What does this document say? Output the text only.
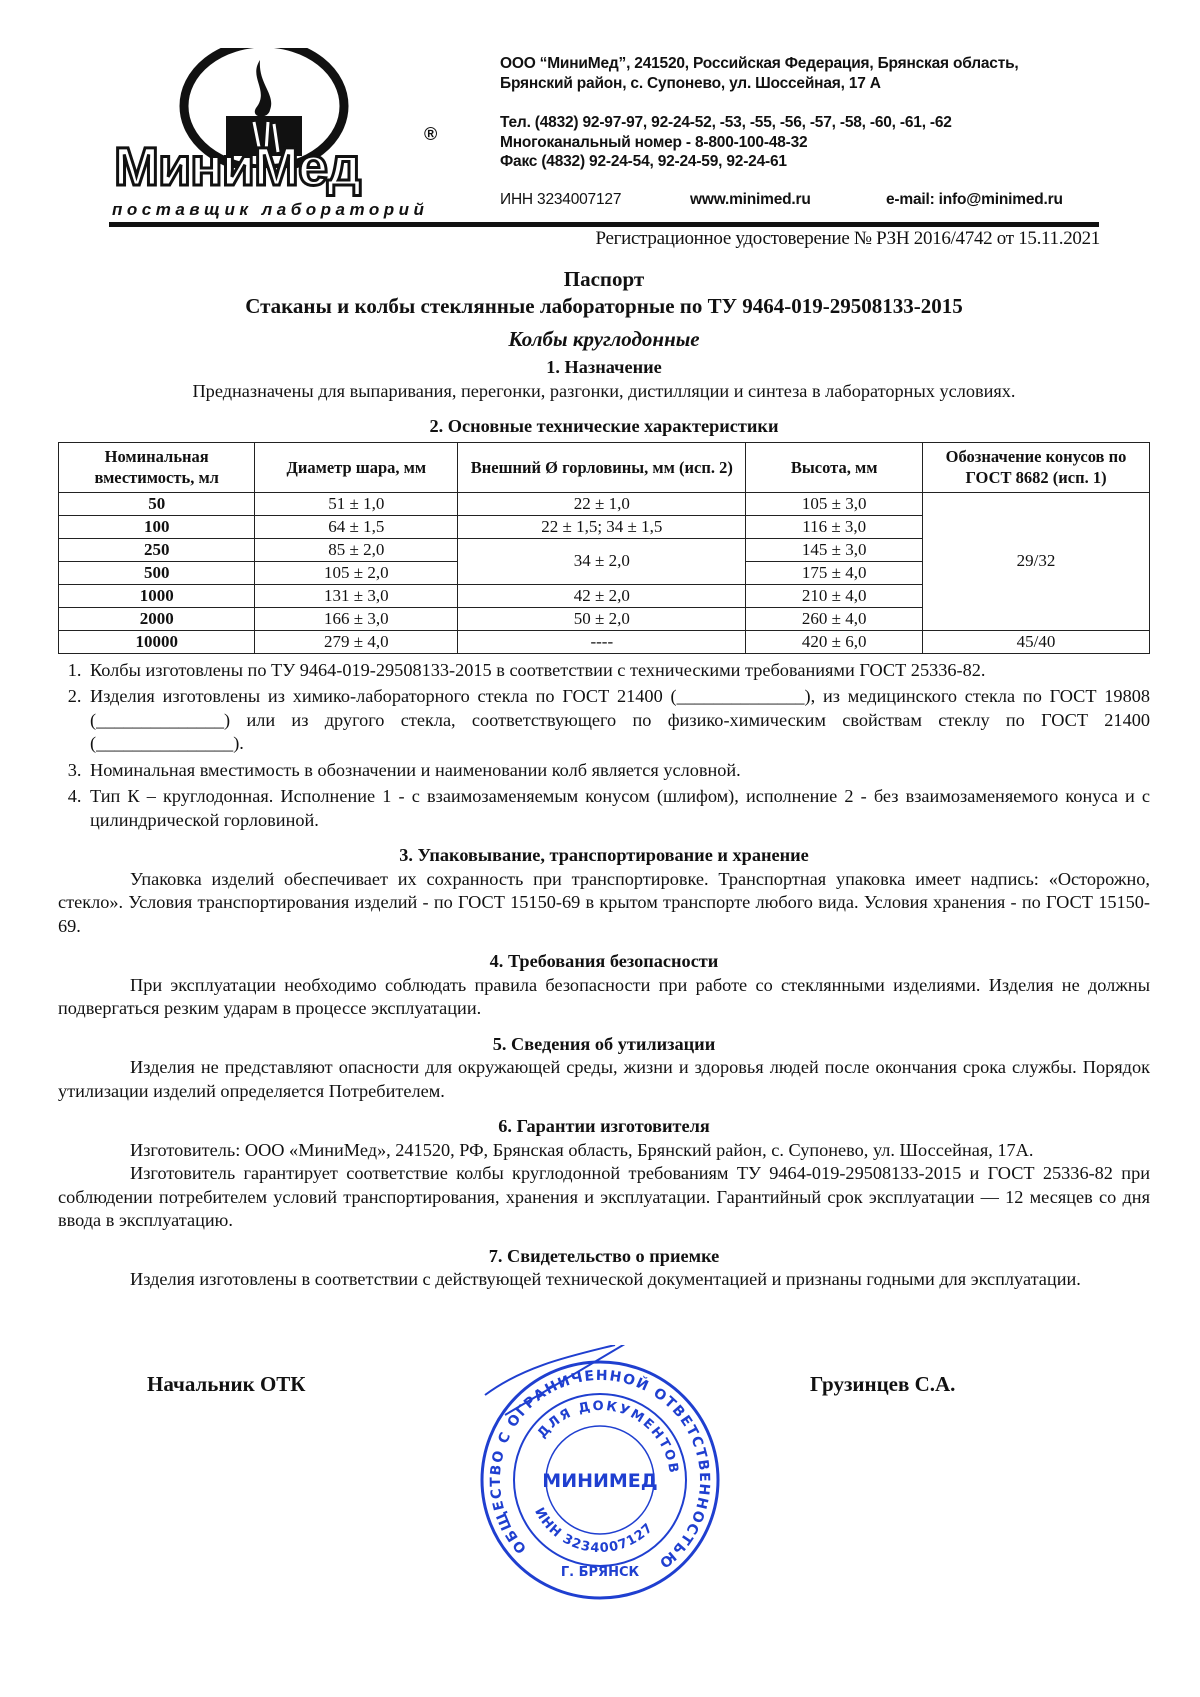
МиниМед
®
поставщик лабораторий
ООО “МиниМед”, 241520, Российская Федерация, Брянская область,
Брянский район, с. Супонево, ул. Шоссейная, 17 А
Тел. (4832) 92-97-97, 92-24-52, -53, -55, -56, -57, -58, -60, -61, -62
Многоканальный номер - 8-800-100-48-32
Факс (4832) 92-24-54, 92-24-59, 92-24-61
ИНН 3234007127	www.minimed.ru	e-mail: info@minimed.ru
Регистрационное удостоверение № РЗН 2016/4742 от 15.11.2021
Паспорт
Стаканы и колбы стеклянные лабораторные по ТУ 9464-019-29508133-2015
Колбы круглодонные
1. Назначение
Предназначены для выпаривания, перегонки, разгонки, дистилляции и синтеза в лабораторных условиях.
2. Основные технические характеристики
Номинальная вместимость, мл	Диаметр шара, мм	Внешний Ø горловины, мм (исп. 2)	Высота, мм	Обозначение конусов по ГОСТ 8682 (исп. 1)
50	51 ± 1,0	22 ± 1,0	105 ± 3,0	29/32
100	64 ± 1,5	22 ± 1,5; 34 ± 1,5	116 ± 3,0	
250	85 ± 2,0	34 ± 2,0	145 ± 3,0	
500	105 ± 2,0		175 ± 4,0	
1000	131 ± 3,0	42 ± 2,0	210 ± 4,0	
2000	166 ± 3,0	50 ± 2,0	260 ± 4,0	
10000	279 ± 4,0	----	420 ± 6,0	45/40
1. Колбы изготовлены по ТУ 9464-019-29508133-2015 в соответствии с техническими требованиями ГОСТ 25336-82.
2. Изделия изготовлены из химико-лабораторного стекла по ГОСТ 21400 (______________), из медицинского стекла по ГОСТ 19808 (______________) или из другого стекла, соответствующего по физико-химическим свойствам стеклу по ГОСТ 21400 (_______________).
3. Номинальная вместимость в обозначении и наименовании колб является условной.
4. Тип К – круглодонная. Исполнение 1 - с взаимозаменяемым конусом (шлифом), исполнение 2 - без взаимозаменяемого конуса и с цилиндрической горловиной.
3. Упаковывание, транспортирование и хранение
Упаковка изделий обеспечивает их сохранность при транспортировке. Транспортная упаковка имеет надпись: «Осторожно, стекло». Условия транспортирования изделий - по ГОСТ 15150-69 в крытом транспорте любого вида. Условия хранения - по ГОСТ 15150-69.
4. Требования безопасности
При эксплуатации необходимо соблюдать правила безопасности при работе со стеклянными изделиями. Изделия не должны подвергаться резким ударам в процессе эксплуатации.
5. Сведения об утилизации
Изделия не представляют опасности для окружающей среды, жизни и здоровья людей после окончания срока службы. Порядок утилизации изделий определяется Потребителем.
6. Гарантии изготовителя
Изготовитель: ООО «МиниМед», 241520, РФ, Брянская область, Брянский район, с. Супонево, ул. Шоссейная, 17А.
Изготовитель гарантирует соответствие колбы круглодонной требованиям ТУ 9464-019-29508133-2015 и ГОСТ 25336-82 при соблюдении потребителем условий транспортирования, хранения и эксплуатации. Гарантийный срок эксплуатации — 12 месяцев со дня ввода в эксплуатацию.
7. Свидетельство о приемке
Изделия изготовлены в соответствии с действующей технической документацией и признаны годными для эксплуатации.
Начальник ОТК	Грузинцев С.А.
ОБЩЕСТВО С ОГРАНИЧЕННОЙ ОТВЕТСТВЕННОСТЬЮ
ДЛЯ ДОКУМЕНТОВ
МИНИМЕД
ИНН 3234007127
Г. БРЯНСК
